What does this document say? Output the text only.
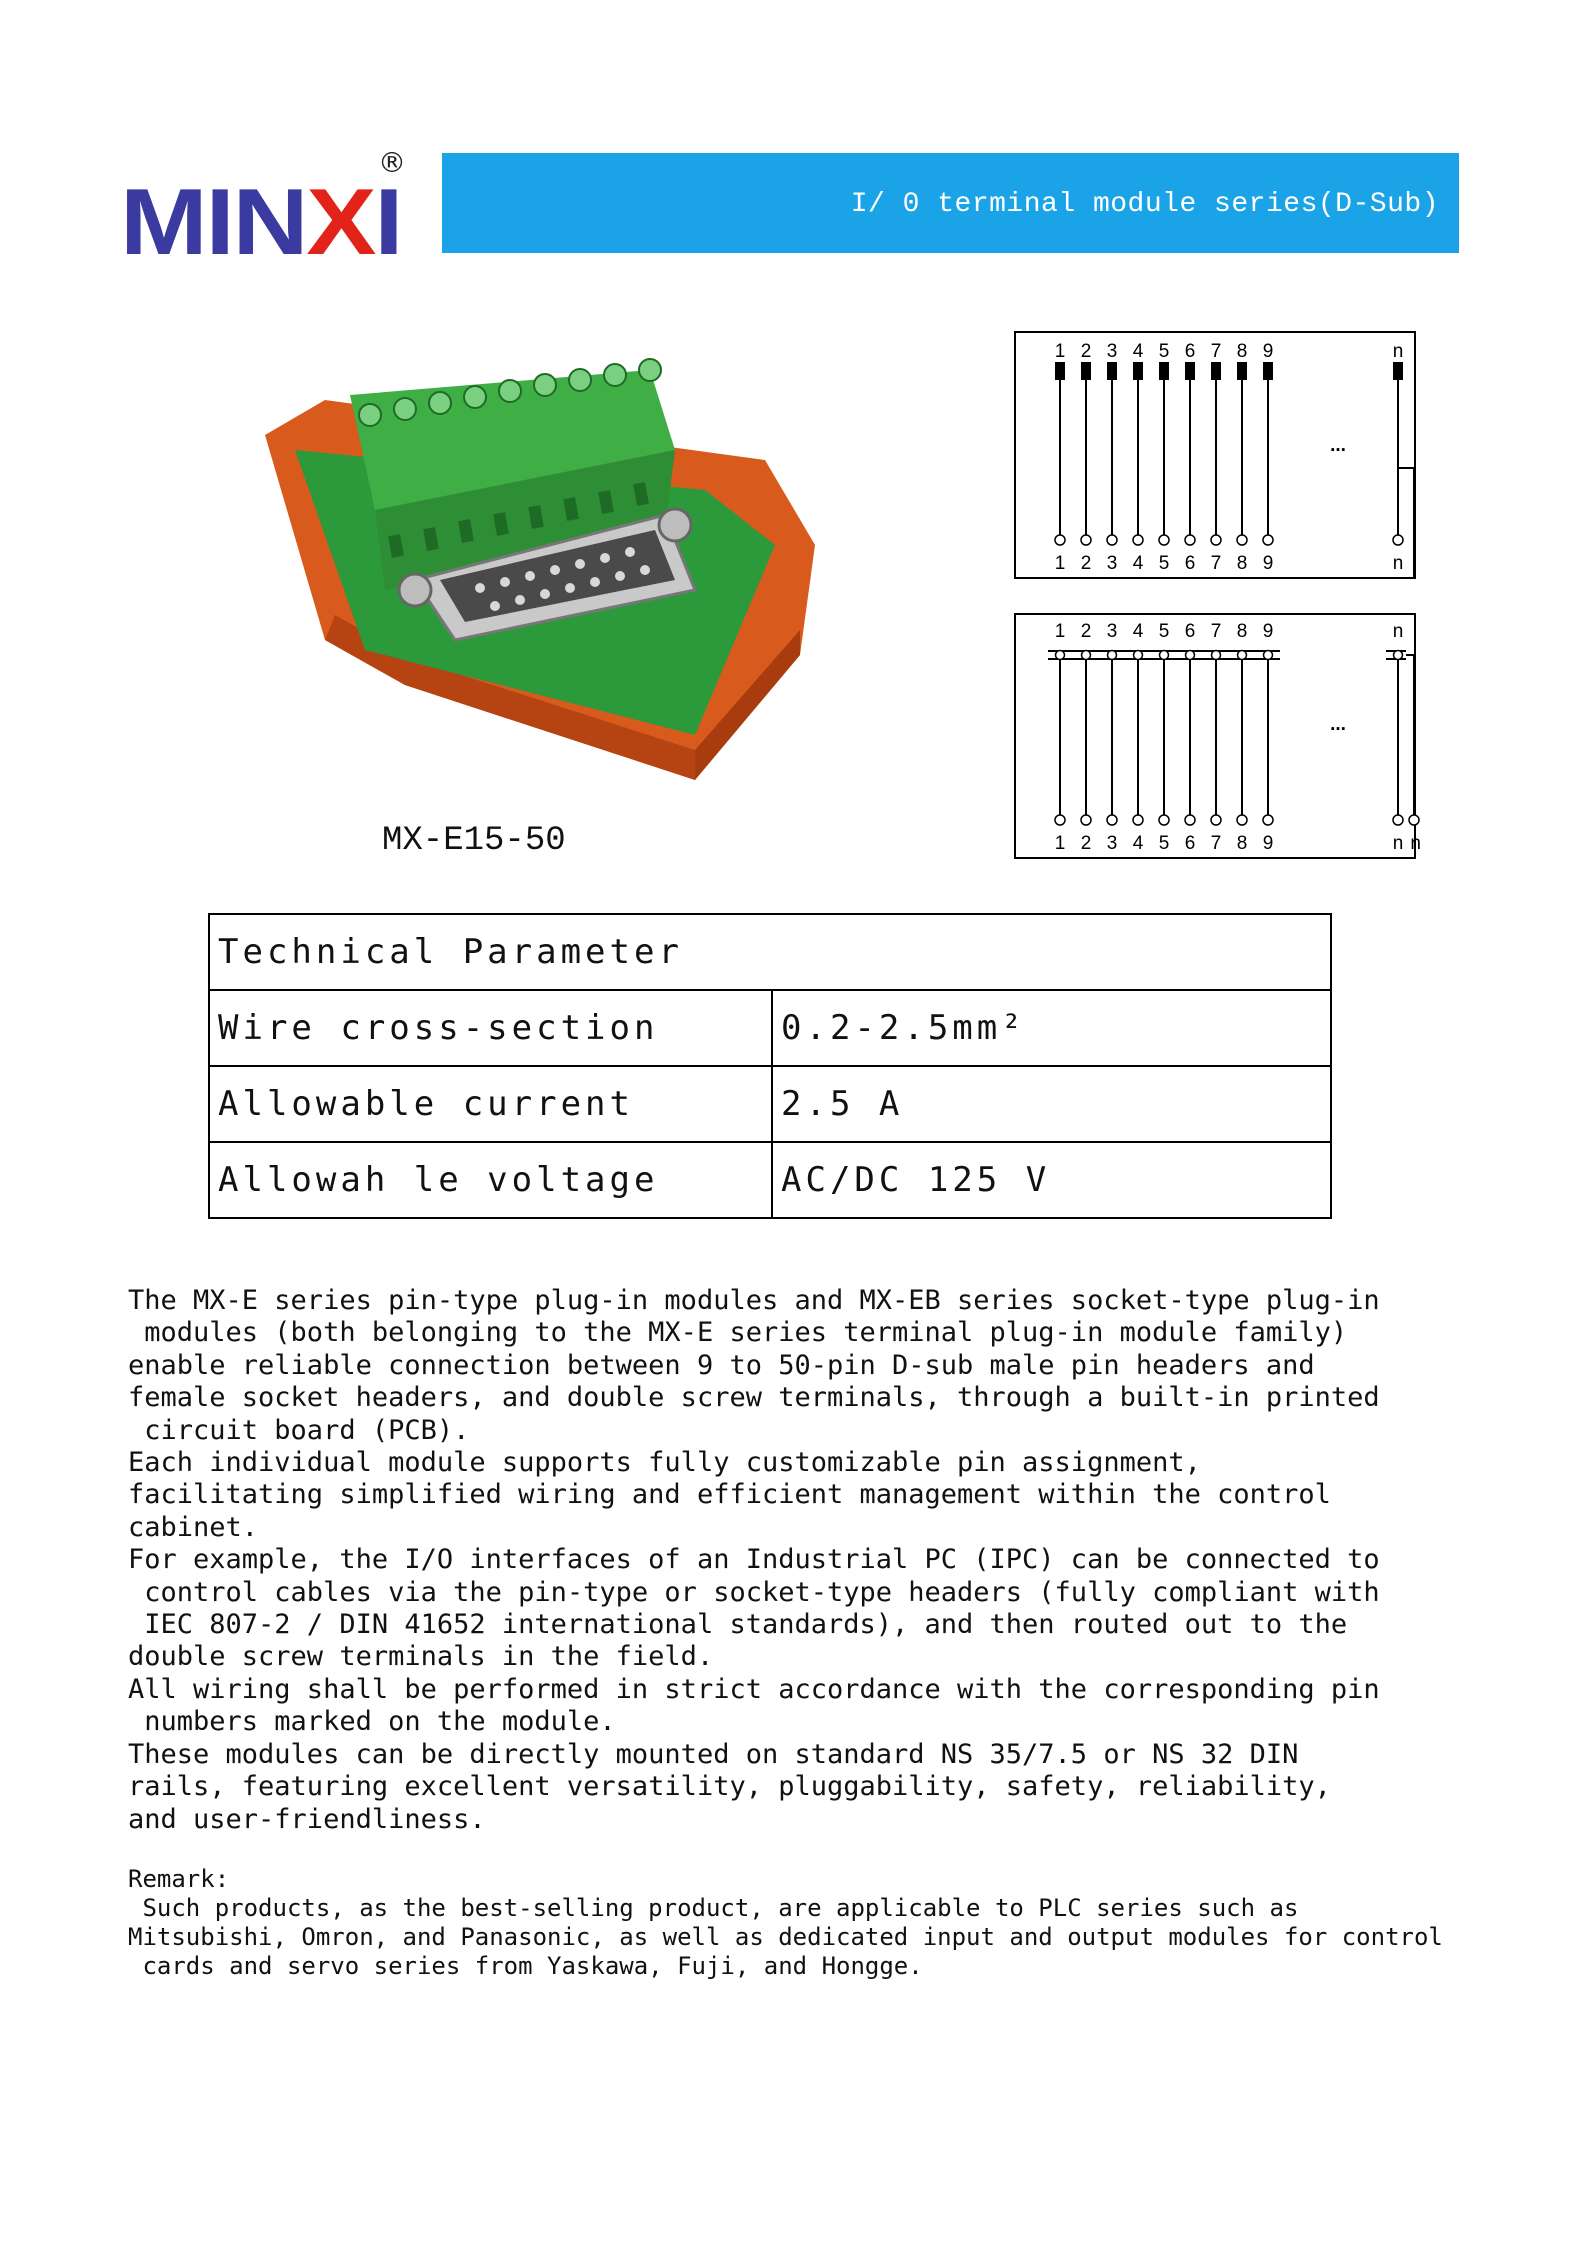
MINXI
®
I/ 0 terminal module series(D-Sub)
MX-E15-50
1 2 3 4 5 6 7 8 9	n
1 2 3 4 5 6 7 8 9	n
...
1 2 3 4 5 6 7 8 9	n
1 2 3 4 5 6 7 8 9	n n
...
Technical Parameter	
Wire cross-section	0.2-2.5mm²
Allowable current	2.5 A
Allowah le voltage	AC/DC 125 V
The MX-E series pin-type plug-in modules and MX-EB series socket-type plug-in
modules (both belonging to the MX-E series terminal plug-in module family)
enable reliable connection between 9 to 50-pin D-sub male pin headers and
female socket headers, and double screw terminals, through a built-in printed
circuit board (PCB).
Each individual module supports fully customizable pin assignment,
facilitating simplified wiring and efficient management within the control
cabinet.
For example, the I/O interfaces of an Industrial PC (IPC) can be connected to
control cables via the pin-type or socket-type headers (fully compliant with
IEC 807-2 / DIN 41652 international standards), and then routed out to the
double screw terminals in the field.
All wiring shall be performed in strict accordance with the corresponding pin
numbers marked on the module.
These modules can be directly mounted on standard NS 35/7.5 or NS 32 DIN
rails, featuring excellent versatility, pluggability, safety, reliability,
and user-friendliness.
Remark:
Such products, as the best-selling product, are applicable to PLC series such as
Mitsubishi, Omron, and Panasonic, as well as dedicated input and output modules for control
cards and servo series from Yaskawa, Fuji, and Hongge.
